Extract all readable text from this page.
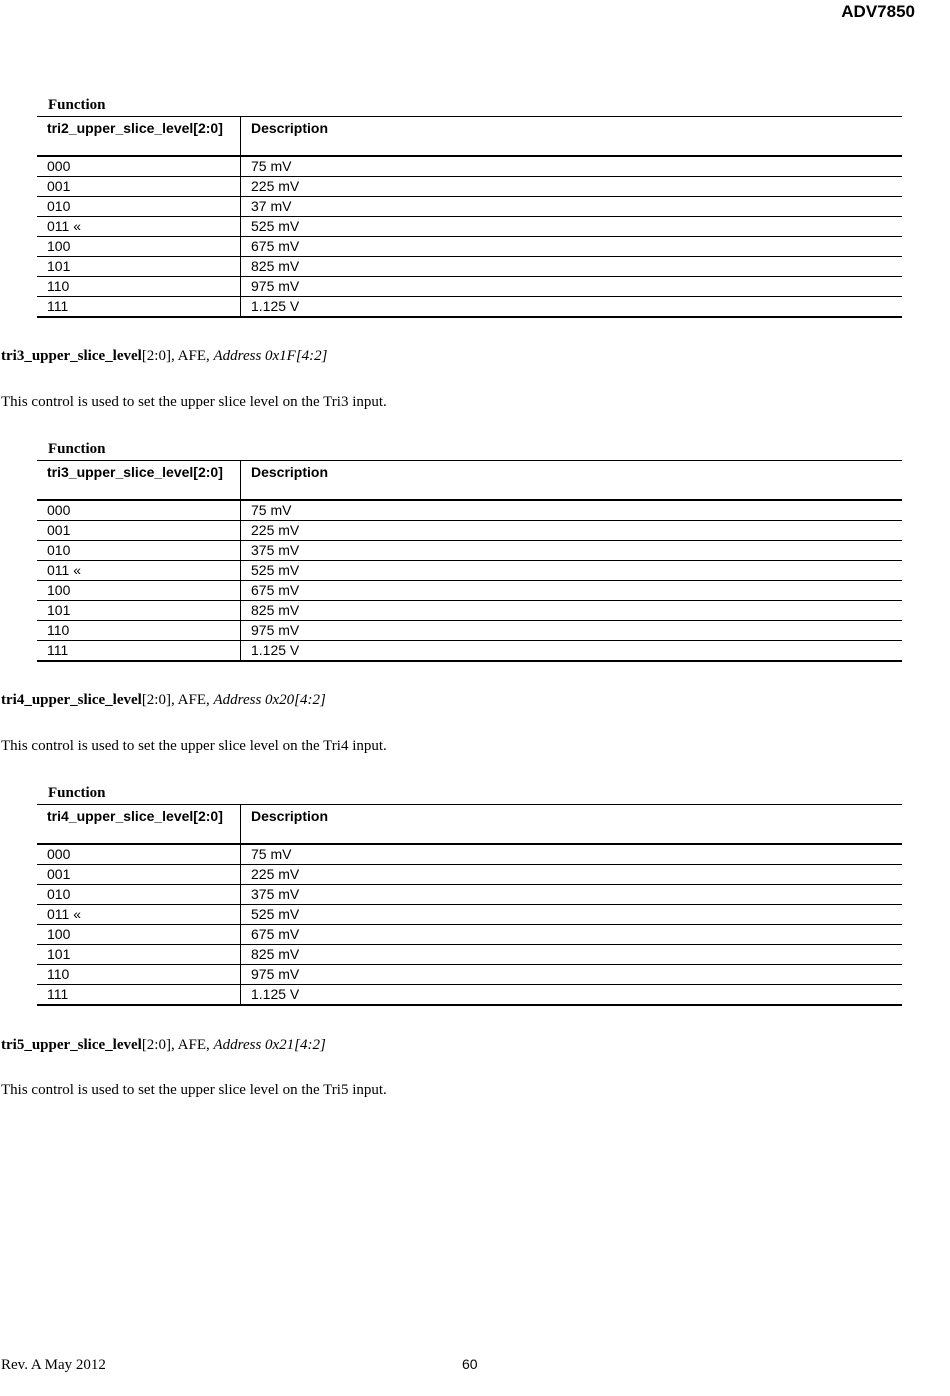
ADV7850
Function
tri2_upper_slice_level[2:0]	Description
000	75 mV
001	225 mV
010	37 mV
011 «	525 mV
100	675 mV
101	825 mV
110	975 mV
111	1.125 V
tri3_upper_slice_level[2:0], AFE, Address 0x1F[4:2]
This control is used to set the upper slice level on the Tri3 input.
Function
tri3_upper_slice_level[2:0]	Description
000	75 mV
001	225 mV
010	375 mV
011 «	525 mV
100	675 mV
101	825 mV
110	975 mV
111	1.125 V
tri4_upper_slice_level[2:0], AFE, Address 0x20[4:2]
This control is used to set the upper slice level on the Tri4 input.
Function
tri4_upper_slice_level[2:0]	Description
000	75 mV
001	225 mV
010	375 mV
011 «	525 mV
100	675 mV
101	825 mV
110	975 mV
111	1.125 V
tri5_upper_slice_level[2:0], AFE, Address 0x21[4:2]
This control is used to set the upper slice level on the Tri5 input.
Rev. A May 2012	60
